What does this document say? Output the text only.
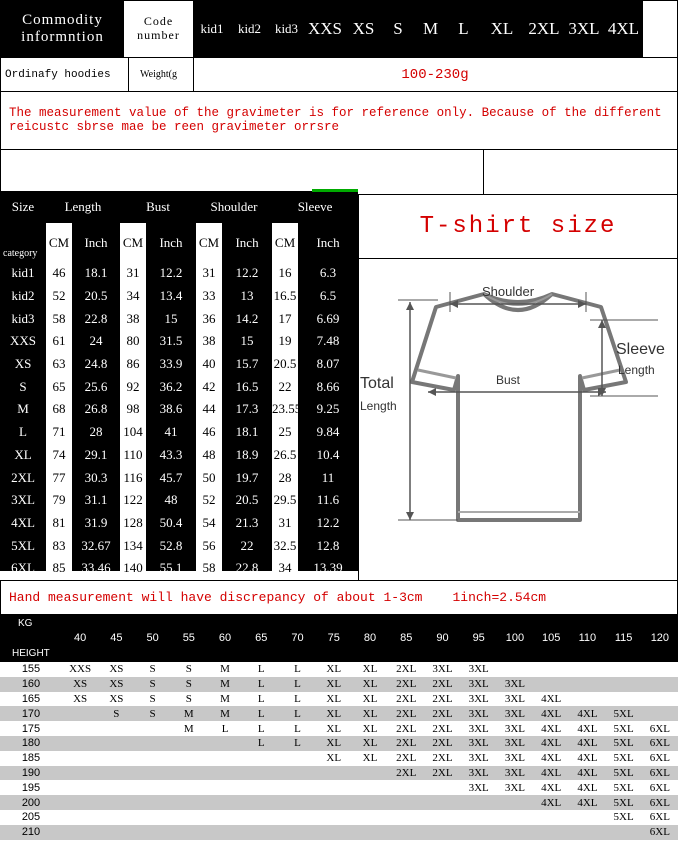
Commodity
informntion
Code
number	kid1	kid2	kid3 XXS XS	S	M	L	XL 2XL 3XL 4XL
Ordinafy hoodies	Weight(g	100-230g
The measurement value of the gravimeter is for reference only. Because of the different
reicustc sbrse mae be reen gravimeter orrsre
T-shirt size
Shoulder
Bust
Sleeve
Length
Total
Length
Size	Length		Bust		Shoulder		Sleeve	
category	CM	Inch	CM	Inch	CM	Inch	CM	Inch
kid1	46	18.1	31	12.2	31	12.2	16	6.3
kid2	52	20.5	34	13.4	33	13	16.5	6.5
kid3	58	22.8	38	15	36	14.2	17	6.69
XXS	61	24	80	31.5	38	15	19	7.48
XS	63	24.8	86	33.9	40	15.7	20.5	8.07
S	65	25.6	92	36.2	42	16.5	22	8.66
M	68	26.8	98	38.6	44	17.3	23.55	9.25
L	71	28	104	41	46	18.1	25	9.84
XL	74	29.1	110	43.3	48	18.9	26.5	10.4
2XL	77	30.3	116	45.7	50	19.7	28	11
3XL	79	31.1	122	48	52	20.5	29.5	11.6
4XL	81	31.9	128	50.4	54	21.3	31	12.2
5XL	83	32.67	134	52.8	56	22	32.5	12.8
6XL	85	33.46	140	55.1	58	22.8	34	13.39
Hand measurement will have discrepancy of about 1-3cm 1inch=2.54cm
KG
HEIGHT	40	45	50	55	60	65	70	75	80	85	90	95	100	105	110	115	120
155	XXS	XS	S	S	M	L	L	XL	XL	2XL	3XL	3XL					
160	XS	XS	S	S	M	L	L	XL	XL	2XL	2XL	3XL	3XL				
165	XS	XS	S	S	M	L	L	XL	XL	2XL	2XL	3XL	3XL	4XL			
170		S	S	M	M	L	L	XL	XL	2XL	2XL	3XL	3XL	4XL	4XL	5XL	
175				M	L	L	L	XL	XL	2XL	2XL	3XL	3XL	4XL	4XL	5XL	6XL
180						L	L	XL	XL	2XL	2XL	3XL	3XL	4XL	4XL	5XL	6XL
185								XL	XL	2XL	2XL	3XL	3XL	4XL	4XL	5XL	6XL
190										2XL	2XL	3XL	3XL	4XL	4XL	5XL	6XL
195												3XL	3XL	4XL	4XL	5XL	6XL
200														4XL	4XL	5XL	6XL
205																5XL	6XL
210																	6XL
